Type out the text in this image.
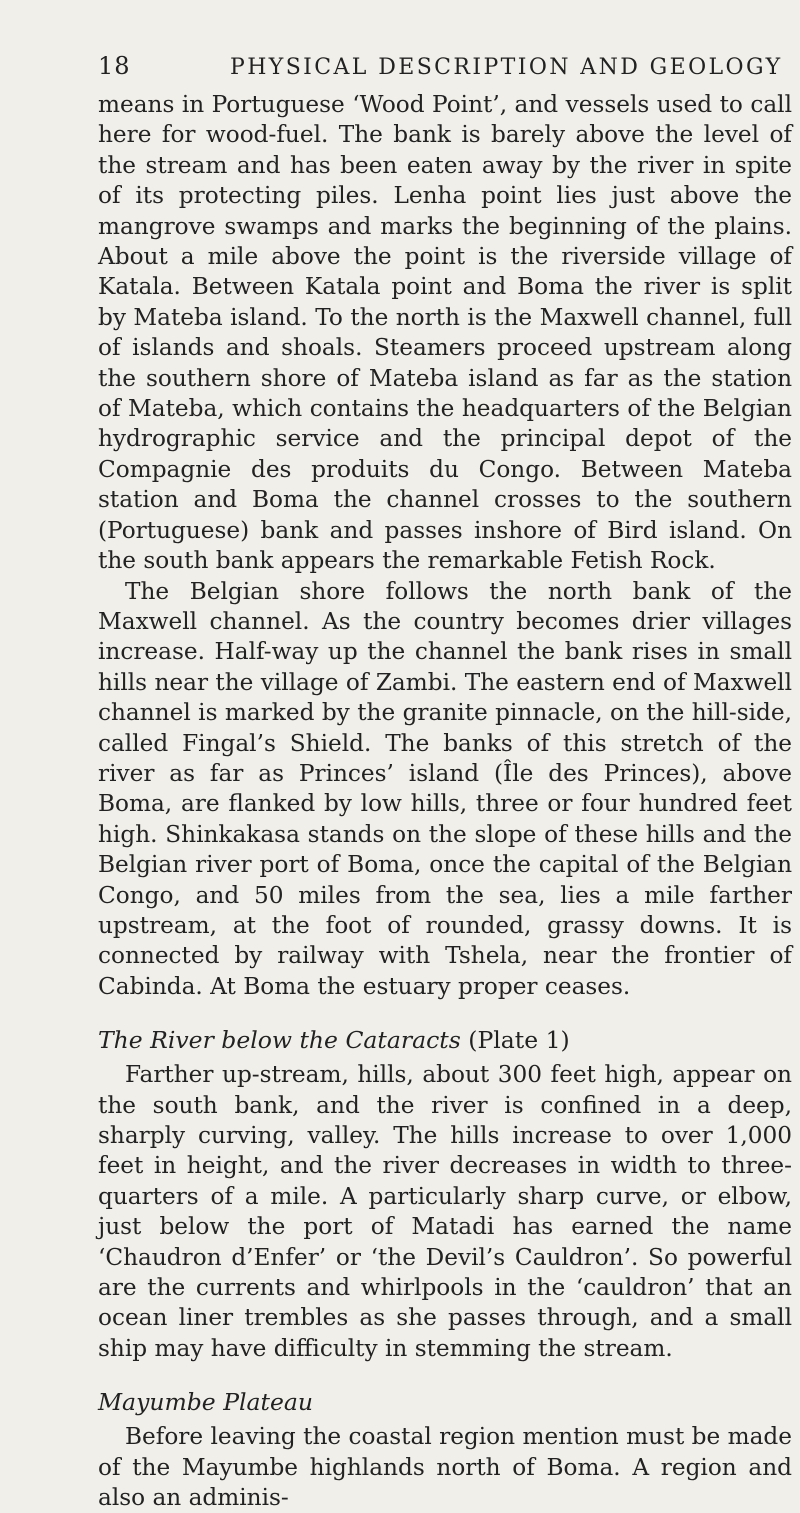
18	PHYSICAL DESCRIPTION AND GEOLOGY

means in Portuguese ‘Wood Point’, and vessels used to call here for wood-fuel. The bank is barely above the level of the stream and has been eaten away by the river in spite of its protecting piles. Lenha point lies just above the mangrove swamps and marks the beginning of the plains. About a mile above the point is the riverside village of Katala. Between Katala point and Boma the river is split by Mateba island. To the north is the Maxwell channel, full of islands and shoals. Steamers proceed upstream along the southern shore of Mateba island as far as the station of Mateba, which contains the headquarters of the Belgian hydrographic service and the principal depot of the Compagnie des produits du Congo. Between Mateba station and Boma the channel crosses to the southern (Portuguese) bank and passes inshore of Bird island. On the south bank appears the remarkable Fetish Rock.

The Belgian shore follows the north bank of the Maxwell channel. As the country becomes drier villages increase. Half-way up the channel the bank rises in small hills near the village of Zambi. The eastern end of Maxwell channel is marked by the granite pinnacle, on the hill-side, called Fingal’s Shield. The banks of this stretch of the river as far as Princes’ island (Île des Princes), above Boma, are flanked by low hills, three or four hundred feet high. Shinkakasa stands on the slope of these hills and the Belgian river port of Boma, once the capital of the Belgian Congo, and 50 miles from the sea, lies a mile farther upstream, at the foot of rounded, grassy downs. It is connected by railway with Tshela, near the frontier of Cabinda. At Boma the estuary proper ceases.

The River below the Cataracts (Plate 1)

Farther up-stream, hills, about 300 feet high, appear on the south bank, and the river is confined in a deep, sharply curving, valley. The hills increase to over 1,000 feet in height, and the river decreases in width to three-quarters of a mile. A particularly sharp curve, or elbow, just below the port of Matadi has earned the name ‘Chaudron d’Enfer’ or ‘the Devil’s Cauldron’. So powerful are the currents and whirlpools in the ‘cauldron’ that an ocean liner trembles as she passes through, and a small ship may have difficulty in stemming the stream.

Mayumbe Plateau

Before leaving the coastal region mention must be made of the Mayumbe highlands north of Boma. A region and also an adminis-
